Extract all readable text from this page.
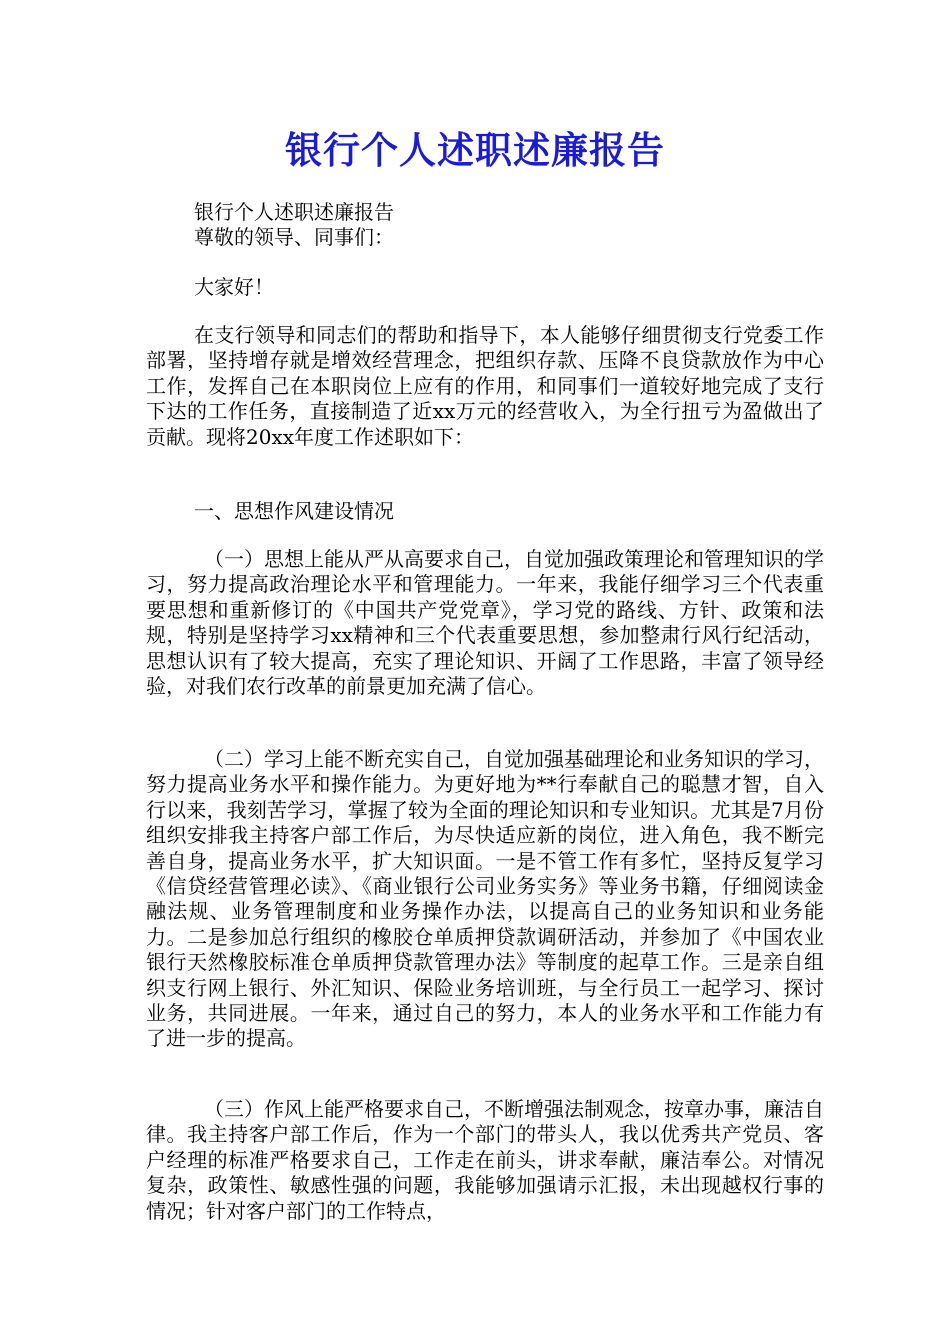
银行个人述职述廉报告
银行个人述职述廉报告
尊敬的领导、同事们：
大家好！

在支行领导和同志们的帮助和指导下，本人能够仔细贯彻支行党委工作部署，坚持增存就是增效经营理念，把组织存款、压降不良贷款放作为中心工作，发挥自己在本职岗位上应有的作用，和同事们一道较好地完成了支行下达的工作任务，直接制造了近xx万元的经营收入，为全行扭亏为盈做出了贡献。现将20xx年度工作述职如下：

一、思想作风建设情况

（一）思想上能从严从高要求自己，自觉加强政策理论和管理知识的学习，努力提高政治理论水平和管理能力。一年来，我能仔细学习三个代表重要思想和重新修订的《中国共产党党章》，学习党的路线、方针、政策和法规，特别是坚持学习xx精神和三个代表重要思想，参加整肃行风行纪活动，思想认识有了较大提高，充实了理论知识、开阔了工作思路，丰富了领导经验，对我们农行改革的前景更加充满了信心。

（二）学习上能不断充实自己，自觉加强基础理论和业务知识的学习，努力提高业务水平和操作能力。为更好地为**行奉献自己的聪慧才智，自入行以来，我刻苦学习，掌握了较为全面的理论知识和专业知识。尤其是7月份组织安排我主持客户部工作后，为尽快适应新的岗位，进入角色，我不断完善自身，提高业务水平，扩大知识面。一是不管工作有多忙，坚持反复学习《信贷经营管理必读》、《商业银行公司业务实务》等业务书籍，仔细阅读金融法规、业务管理制度和业务操作办法，以提高自己的业务知识和业务能力。二是参加总行组织的橡胶仓单质押贷款调研活动，并参加了《中国农业银行天然橡胶标准仓单质押贷款管理办法》等制度的起草工作。三是亲自组织支行网上银行、外汇知识、保险业务培训班，与全行员工一起学习、探讨业务，共同进展。一年来，通过自己的努力，本人的业务水平和工作能力有了进一步的提高。

（三）作风上能严格要求自己，不断增强法制观念，按章办事，廉洁自律。我主持客户部工作后，作为一个部门的带头人，我以优秀共产党员、客户经理的标准严格要求自己，工作走在前头，讲求奉献，廉洁奉公。对情况复杂，政策性、敏感性强的问题，我能够加强请示汇报，未出现越权行事的情况；针对客户部门的工作特点，
